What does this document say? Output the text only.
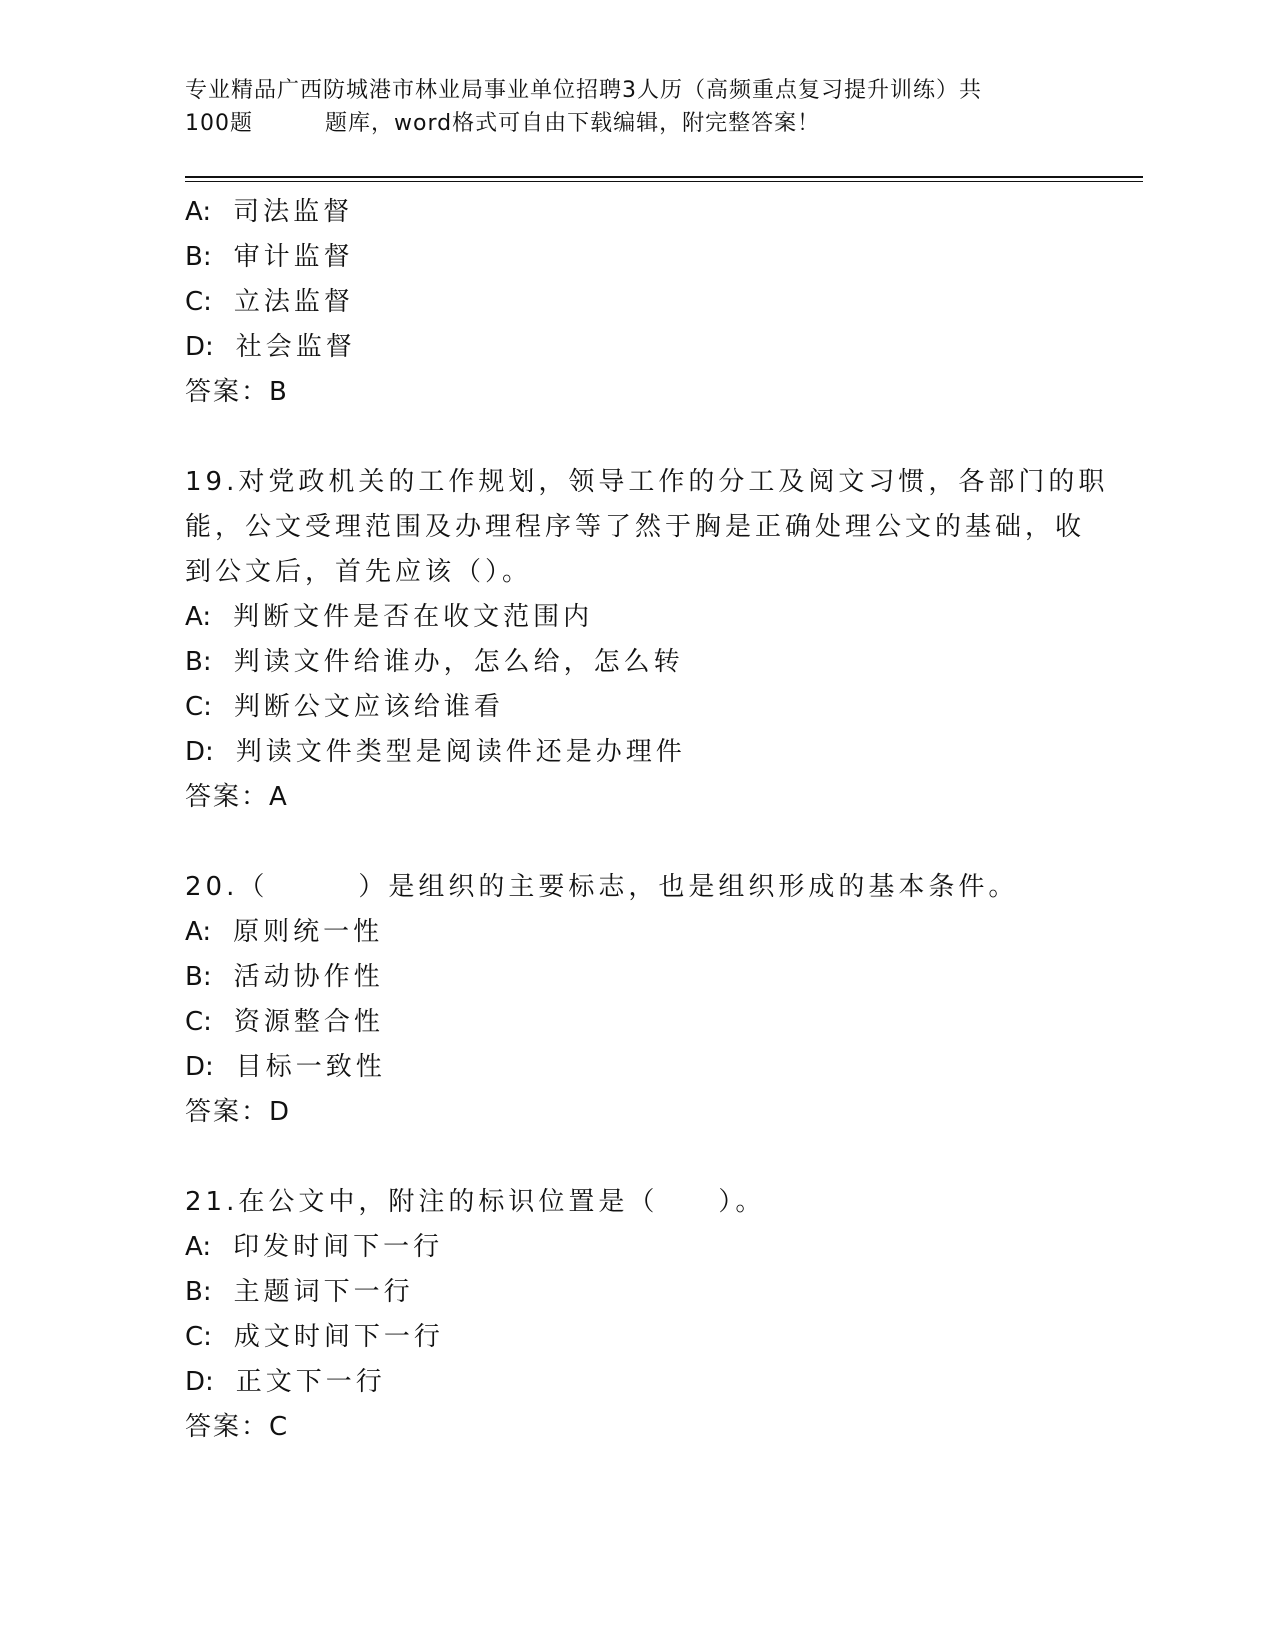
专业精品广西防城港市林业局事业单位招聘3人历（高频重点复习提升训练）共
100题	题库，word格式可自由下载编辑，附完整答案！
A: 司法监督
B: 审计监督
C: 立法监督
D: 社会监督
答案：B
19.对党政机关的工作规划，领导工作的分工及阅文习惯，各部门的职
能，公文受理范围及办理程序等了然于胸是正确处理公文的基础，收
到公文后，首先应该（）。
A: 判断文件是否在收文范围内
B: 判读文件给谁办，怎么给，怎么转
C: 判断公文应该给谁看
D: 判读文件类型是阅读件还是办理件
答案：A
20.（　　　）是组织的主要标志，也是组织形成的基本条件。
A: 原则统一性
B: 活动协作性
C: 资源整合性
D: 目标一致性
答案：D
21.在公文中，附注的标识位置是（　　）。
A: 印发时间下一行
B: 主题词下一行
C: 成文时间下一行
D: 正文下一行
答案：C
